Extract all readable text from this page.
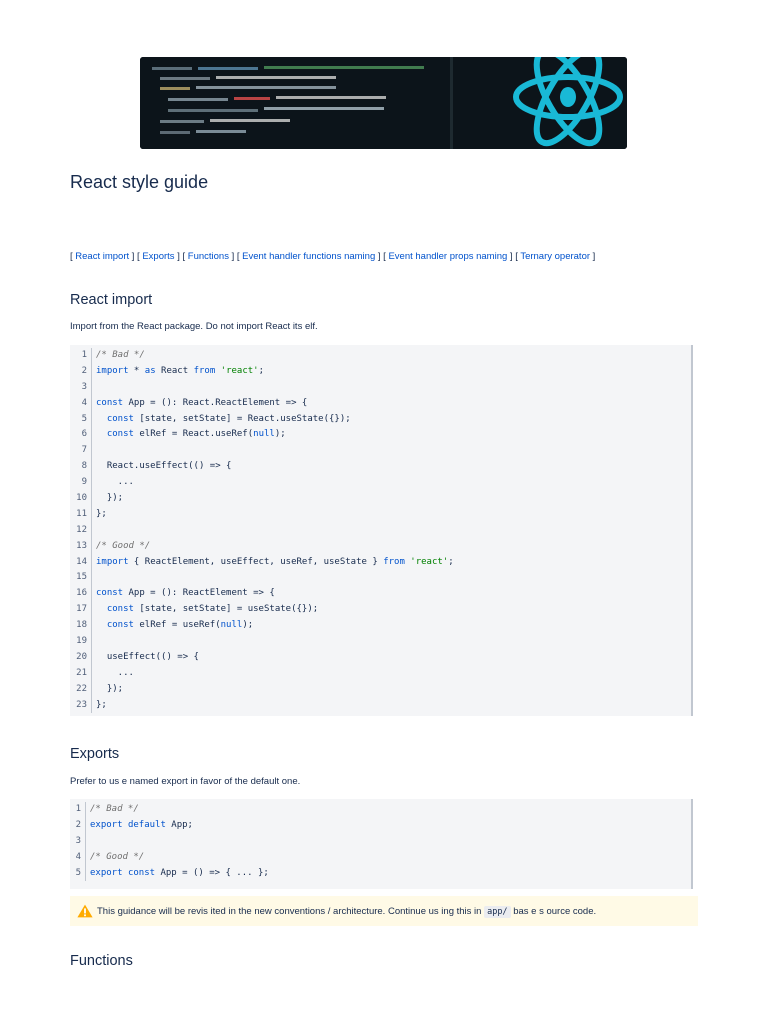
React style guide
[ React import ] [ Exports ] [ Functions ] [ Event handler functions naming ] [ Event handler props naming ] [ Ternary operator ]
React import

Import from the React package. Do not import React its elf.

1	/* Bad */
2	import * as React from 'react';
3
4	const App = (): React.ReactElement => {
5	const [state, setState] = React.useState({});
6	const elRef = React.useRef(null);
7
8	React.useEffect(() => {
9	...
10	});
11	};
12
13	/* Good */
14	import { ReactElement, useEffect, useRef, useState } from 'react';
15
16	const App = (): ReactElement => {
17	const [state, setState] = useState({});
18	const elRef = useRef(null);
19
20	useEffect(() => {
21	...
22	});
23	};
Exports

Prefer to us e named export in favor of the default one.

1	/* Bad */
2	export default App;
3
4	/* Good */
5	export const App = () => { ... };
This guidance will be revis ited in the new conventions / architecture. Continue us ing this in app/ bas e s ource code.
Functions
